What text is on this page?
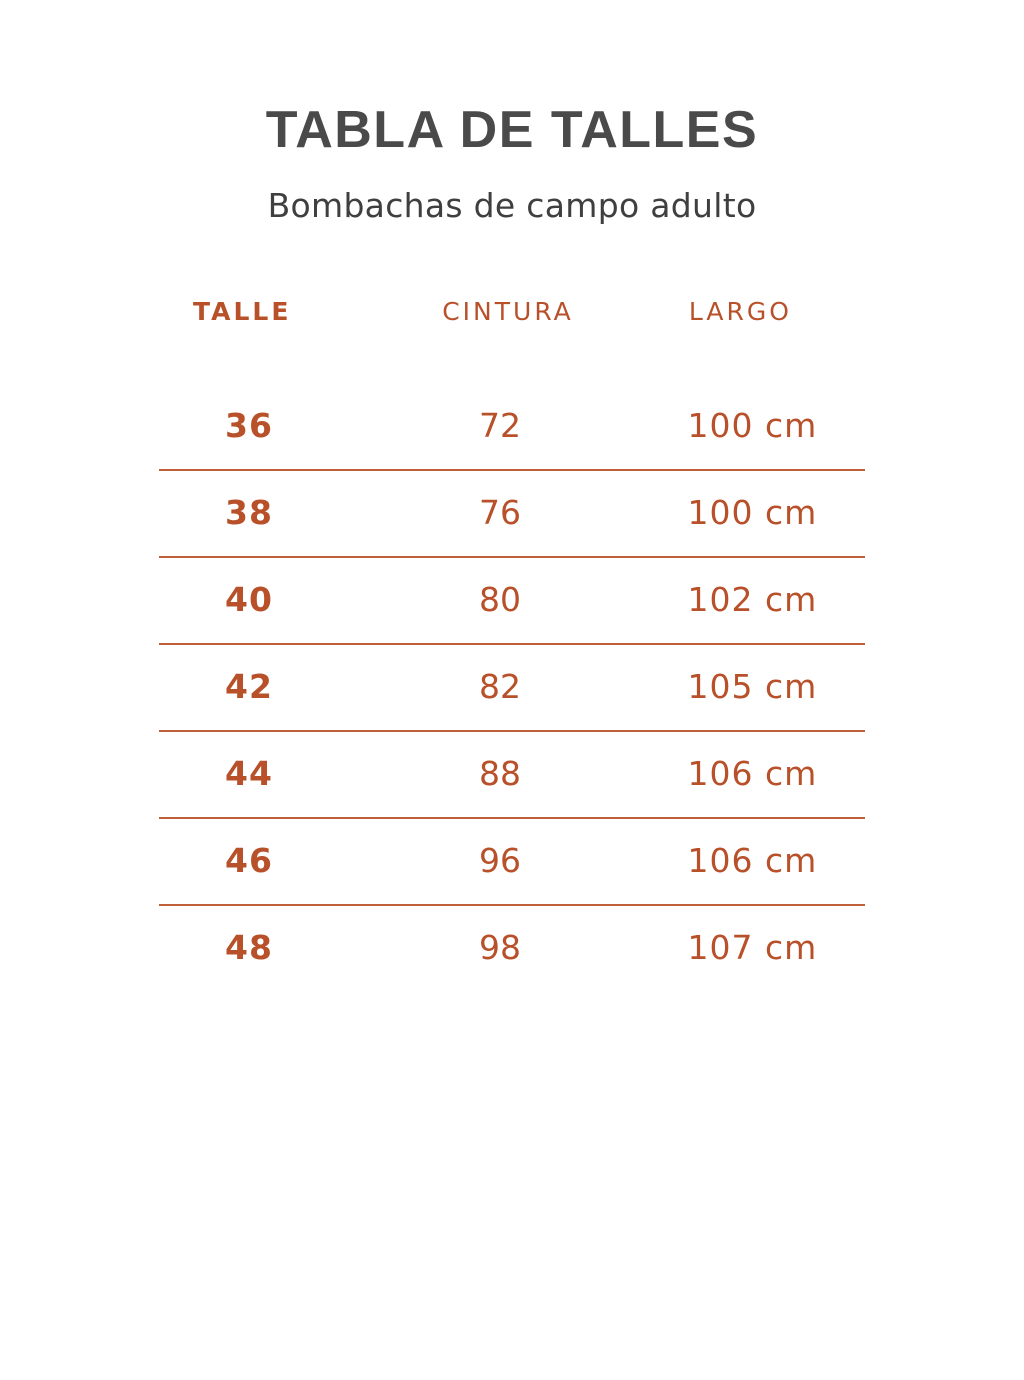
TABLA DE TALLES
Bombachas de campo adulto
TALLE	CINTURA	LARGO
36	72	100 cm
38	76	100 cm
40	80	102 cm
42	82	105 cm
44	88	106 cm
46	96	106 cm
48	98	107 cm
